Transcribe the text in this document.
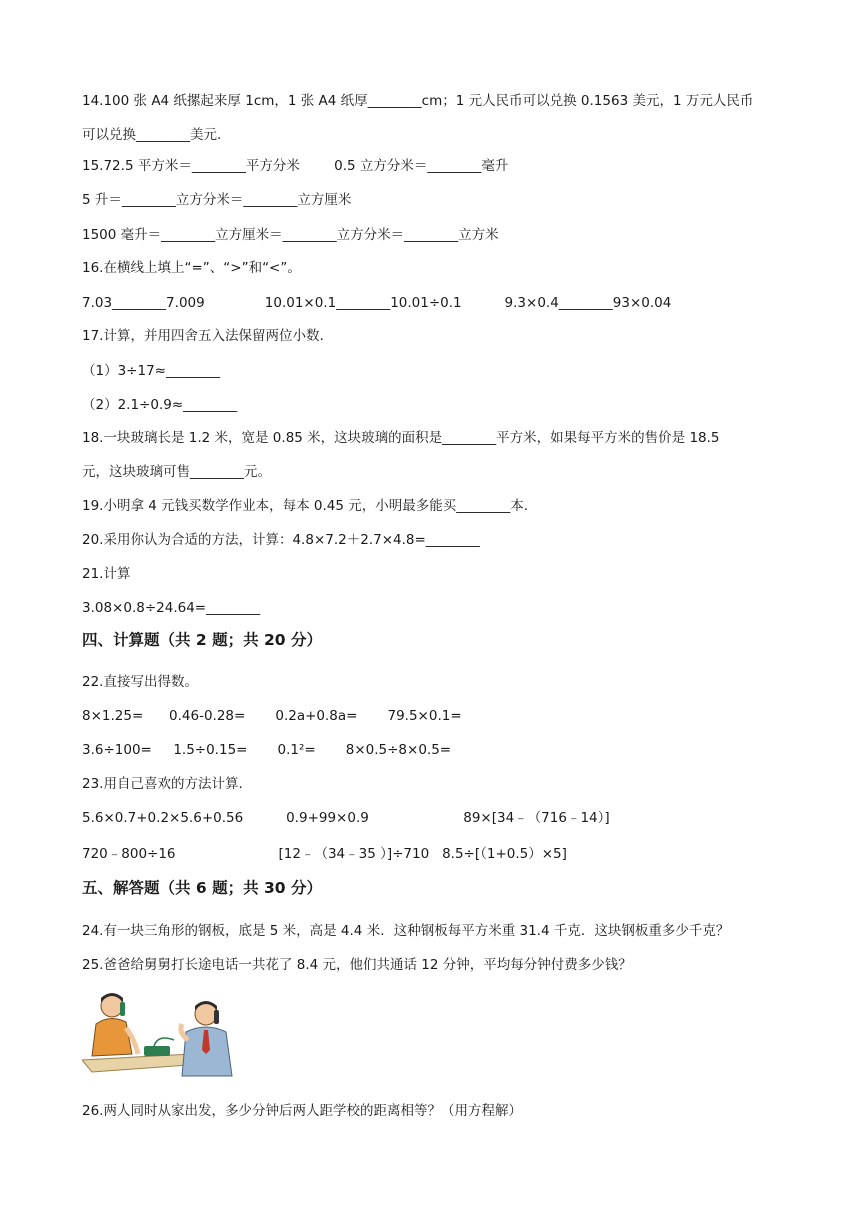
14.100 张 A4 纸摞起来厚 1cm，1 张 A4 纸厚________cm；1 元人民币可以兑换 0.1563 美元，1 万元人民币
可以兑换________美元.
15.72.5 平方米＝________平方分米        0.5 立方分米＝________毫升
5 升＝________立方分米＝________立方厘米
1500 毫升＝________立方厘米＝________立方分米＝________立方米
16.在横线上填上“=”、“>”和“<”。
7.03________7.009              10.01×0.1________10.01÷0.1          9.3×0.4________93×0.04
17.计算，并用四舍五入法保留两位小数.
（1）3÷17≈________
（2）2.1÷0.9≈________
18.一块玻璃长是 1.2 米，宽是 0.85 米，这块玻璃的面积是________平方米，如果每平方米的售价是 18.5
元，这块玻璃可售________元。
19.小明拿 4 元钱买数学作业本，每本 0.45 元，小明最多能买________本.
20.采用你认为合适的方法，计算：4.8×7.2＋2.7×4.8=________
21.计算
3.08×0.8÷24.64=________
四、计算题（共 2 题；共 20 分）
22.直接写出得数。
8×1.25=      0.46-0.28=       0.2a+0.8a=       79.5×0.1=
3.6÷100=     1.5÷0.15=       0.1²=       8×0.5÷8×0.5=
23.用自己喜欢的方法计算.
5.6×0.7+0.2×5.6+0.56          0.9+99×0.9                      89×[34﹣（716﹣14）]
720﹣800÷16                        [12﹣（34﹣35 ）]÷710   8.5÷[（1+0.5）×5]
五、解答题（共 6 题；共 30 分）
24.有一块三角形的钢板，底是 5 米，高是 4.4 米．这种钢板每平方米重 31.4 千克．这块钢板重多少千克？
25.爸爸给舅舅打长途电话一共花了 8.4 元，他们共通话 12 分钟，平均每分钟付费多少钱？
26.两人同时从家出发，多少分钟后两人距学校的距离相等？（用方程解）
